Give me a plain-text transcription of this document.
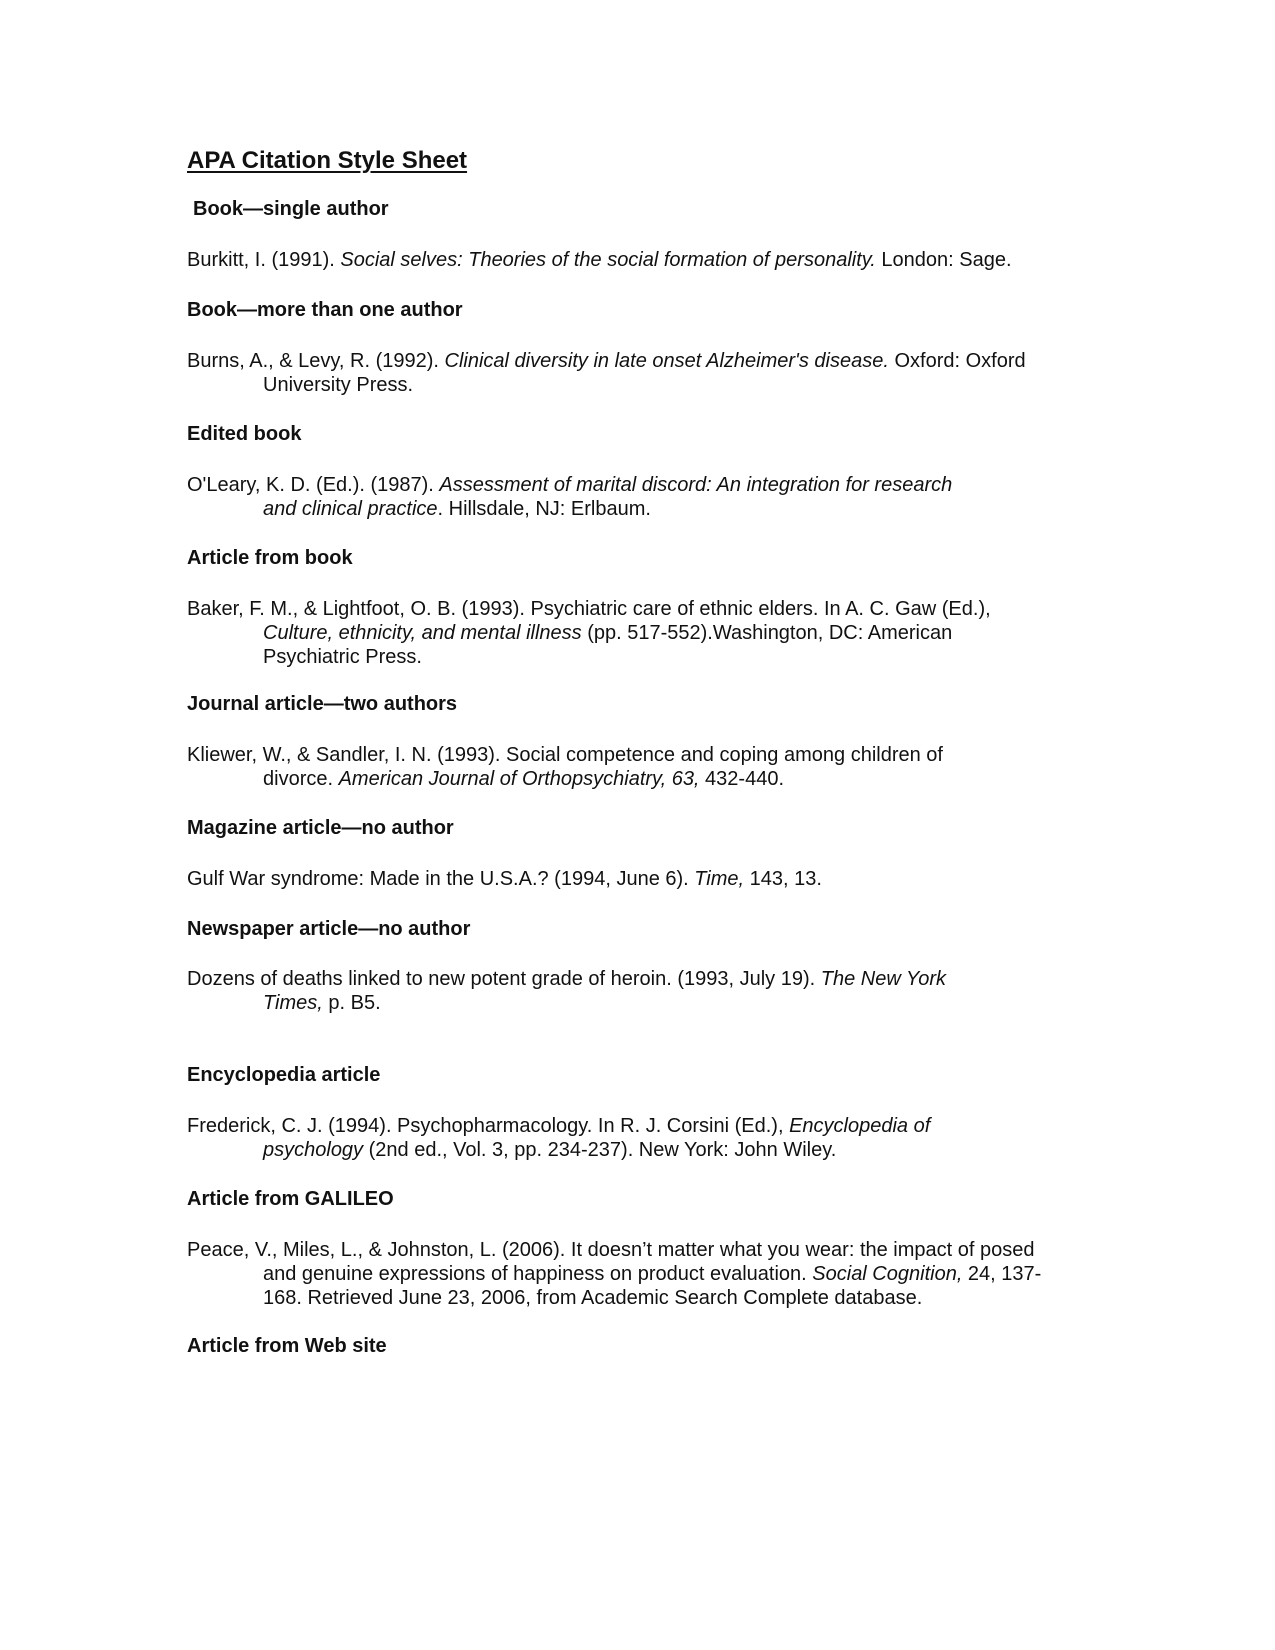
APA Citation Style Sheet
Book—single author
Burkitt, I. (1991). Social selves: Theories of the social formation of personality. London: Sage.
Book—more than one author
Burns, A., & Levy, R. (1992). Clinical diversity in late onset Alzheimer's disease. Oxford: Oxford
University Press.
Edited book
O'Leary, K. D. (Ed.). (1987). Assessment of marital discord: An integration for research
and clinical practice. Hillsdale, NJ: Erlbaum.
Article from book
Baker, F. M., & Lightfoot, O. B. (1993). Psychiatric care of ethnic elders. In A. C. Gaw (Ed.),
Culture, ethnicity, and mental illness (pp. 517-552).Washington, DC: American
Psychiatric Press.
Journal article—two authors
Kliewer, W., & Sandler, I. N. (1993). Social competence and coping among children of
divorce. American Journal of Orthopsychiatry, 63, 432-440.
Magazine article—no author
Gulf War syndrome: Made in the U.S.A.? (1994, June 6). Time, 143, 13.
Newspaper article—no author
Dozens of deaths linked to new potent grade of heroin. (1993, July 19). The New York
Times, p. B5.
Encyclopedia article
Frederick, C. J. (1994). Psychopharmacology. In R. J. Corsini (Ed.), Encyclopedia of
psychology (2nd ed., Vol. 3, pp. 234-237). New York: John Wiley.
Article from GALILEO
Peace, V., Miles, L., & Johnston, L. (2006). It doesn’t matter what you wear: the impact of posed
and genuine expressions of happiness on product evaluation. Social Cognition, 24, 137-
168. Retrieved June 23, 2006, from Academic Search Complete database.
Article from Web site
